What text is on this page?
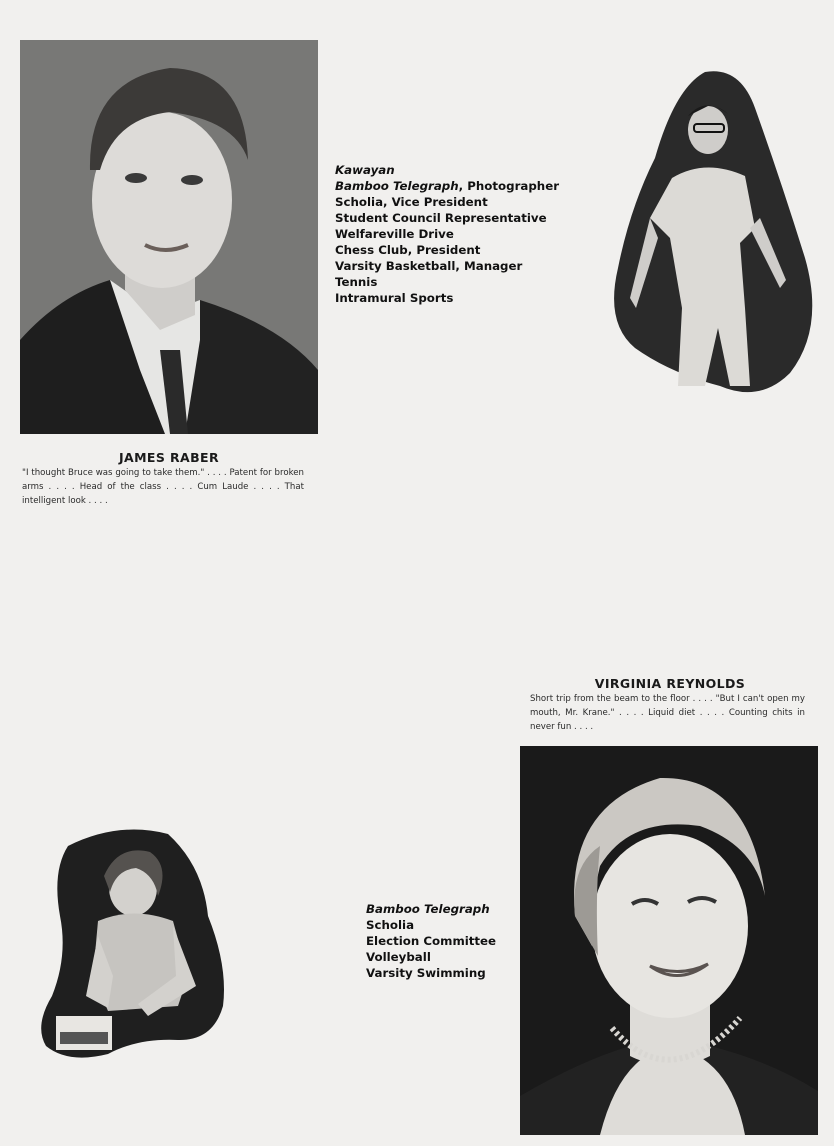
JAMES RABER
"I thought Bruce was going to take them." . . . . Patent for broken arms . . . . Head of the class . . . . Cum Laude . . . . That intelligent look . . . .
Kawayan
Bamboo Telegraph, Photographer
Scholia, Vice President
Student Council Representative
Welfareville Drive
Chess Club, President
Varsity Basketball, Manager
Tennis
Intramural Sports
VIRGINIA REYNOLDS
Short trip from the beam to the floor . . . . "But I can't open my mouth, Mr. Krane." . . . . Liquid diet . . . . Counting chits in never fun . . . .
Bamboo Telegraph
Scholia
Election Committee
Volleyball
Varsity Swimming
